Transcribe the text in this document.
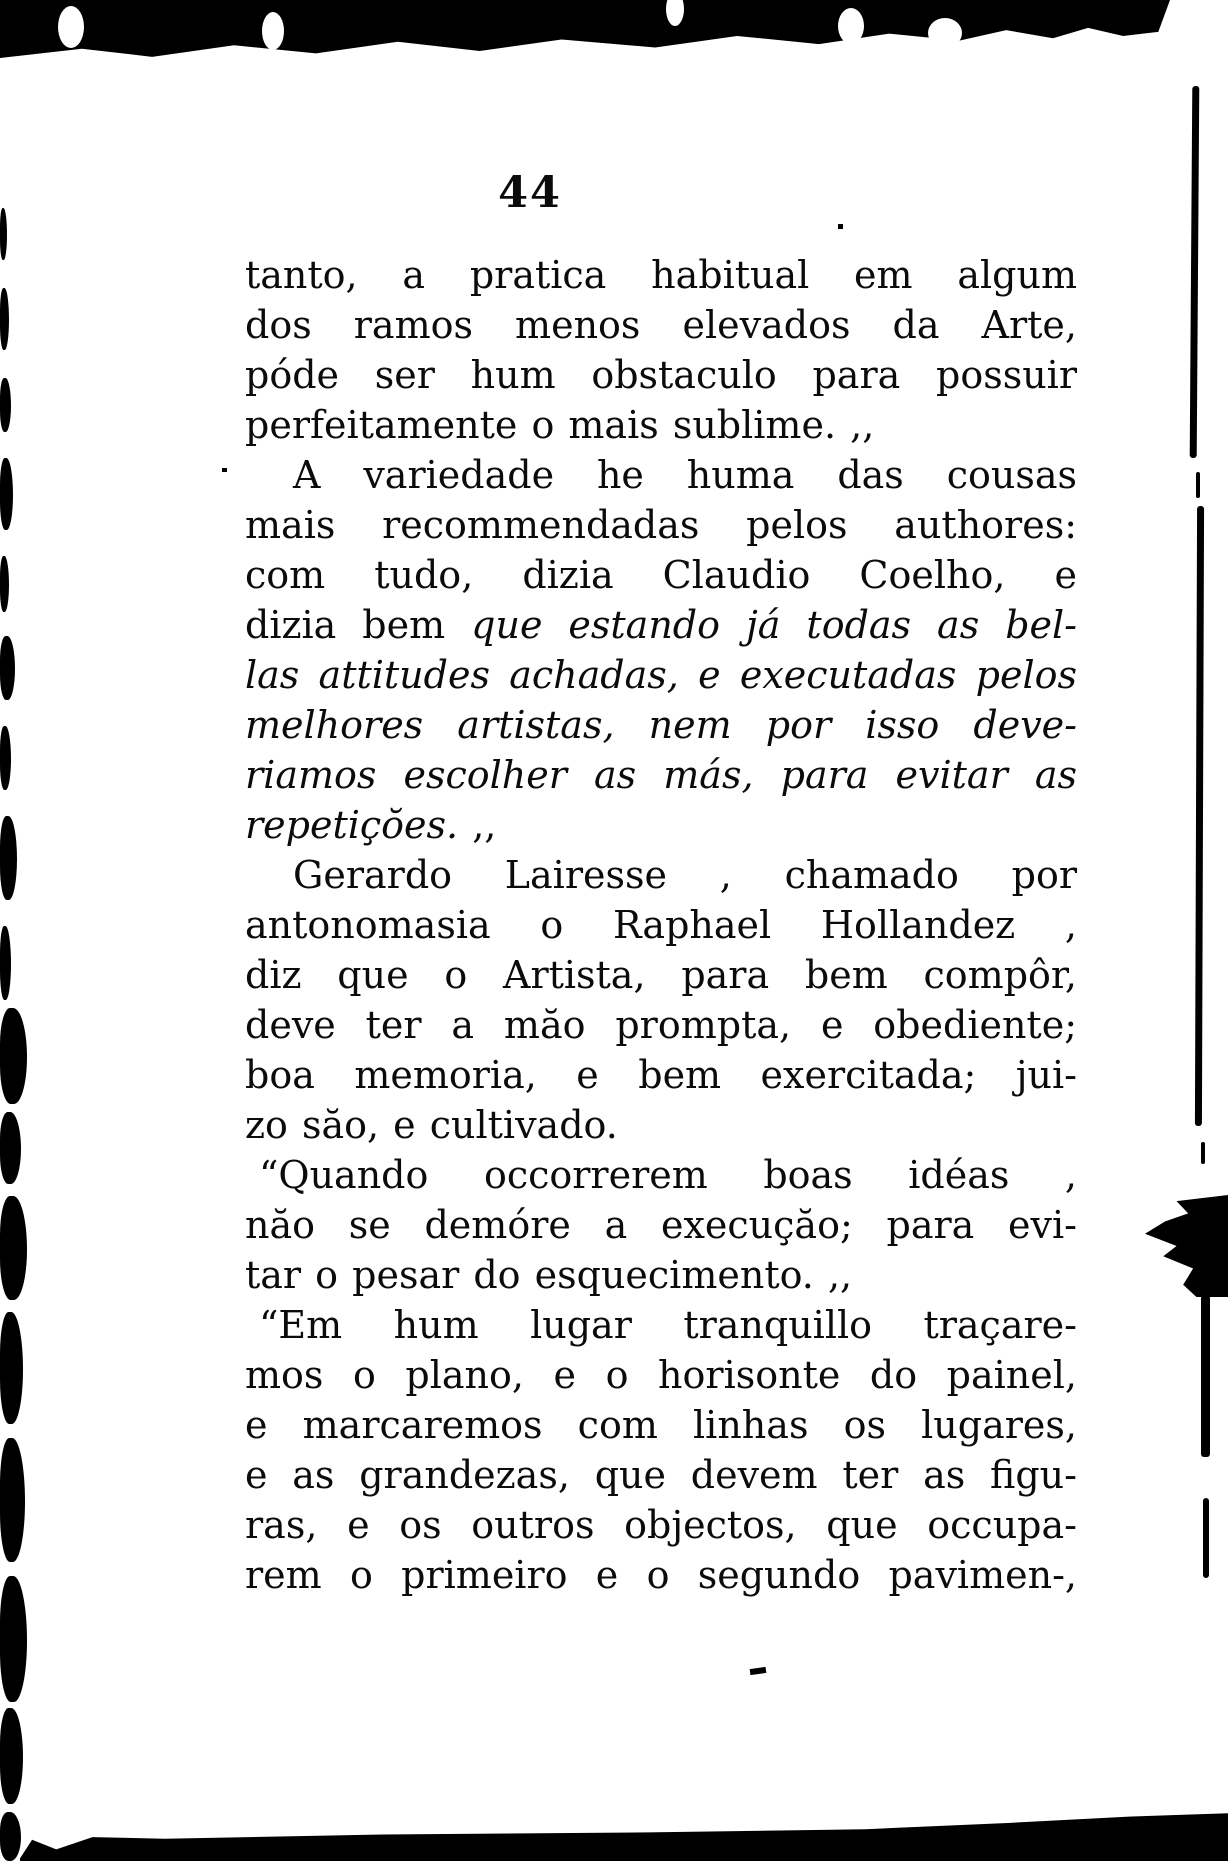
44
tanto, a pratica habitual em algum
dos ramos menos elevados da Arte,
póde ser hum obstaculo para possuir
perfeitamente o mais sublime. ,,
A variedade he huma das cousas
mais recommendadas pelos authores:
com tudo, dizia Claudio Coelho, e
dizia bem que estando já todas as bel-
las attitudes achadas, e executadas pelos
melhores artistas, nem por isso deve-
riamos escolher as más, para evitar as
repetiçŏes. ,,
Gerardo Lairesse , chamado por
antonomasia o Raphael Hollandez ,
diz que o Artista, para bem compôr,
deve ter a măo prompta, e obediente;
boa memoria, e bem exercitada; jui-
zo săo, e cultivado.
“Quando occorrerem boas idéas ,
năo se demóre a execuçăo; para evi-
tar o pesar do esquecimento. ,,
“Em hum lugar tranquillo traçare-
mos o plano, e o horisonte do painel,
e marcaremos com linhas os lugares,
e as grandezas, que devem ter as figu-
ras, e os outros objectos, que occupa-
rem o primeiro e o segundo pavimen-,
